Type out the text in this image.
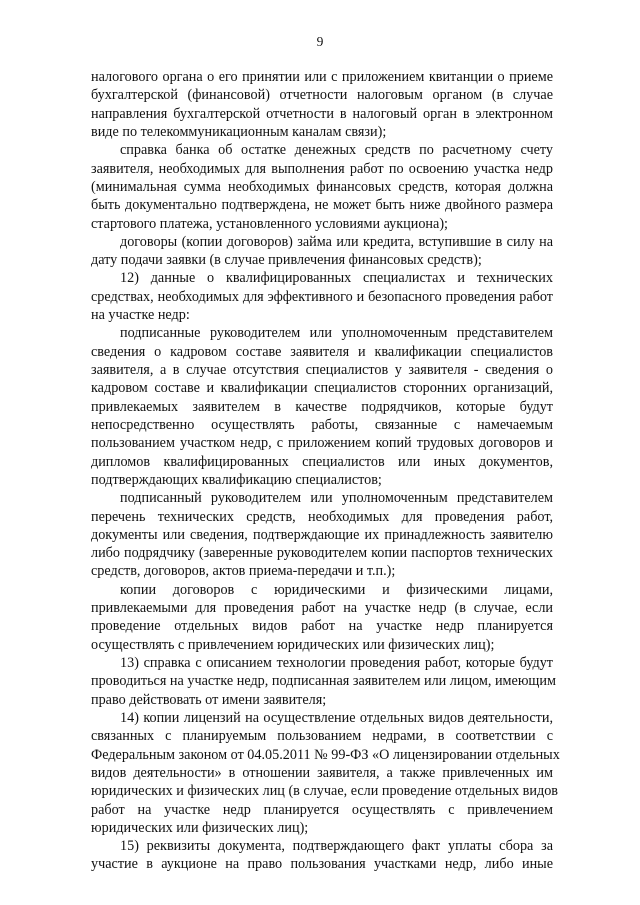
9
налогового органа о его принятии или с приложением квитанции о приеме
бухгалтерской (финансовой) отчетности налоговым органом (в случае
направления бухгалтерской отчетности в налоговый орган в электронном
виде по телекоммуникационным каналам связи);
справка банка об остатке денежных средств по расчетному счету
заявителя, необходимых для выполнения работ по освоению участка недр
(минимальная сумма необходимых финансовых средств, которая должна
быть документально подтверждена, не может быть ниже двойного размера
стартового платежа, установленного условиями аукциона);
договоры (копии договоров) займа или кредита, вступившие в силу на
дату подачи заявки (в случае привлечения финансовых средств);
12) данные о квалифицированных специалистах и технических
средствах, необходимых для эффективного и безопасного проведения работ
на участке недр:
подписанные руководителем или уполномоченным представителем
сведения о кадровом составе заявителя и квалификации специалистов
заявителя, а в случае отсутствия специалистов у заявителя - сведения о
кадровом составе и квалификации специалистов сторонних организаций,
привлекаемых заявителем в качестве подрядчиков, которые будут
непосредственно осуществлять работы, связанные с намечаемым
пользованием участком недр, с приложением копий трудовых договоров и
дипломов квалифицированных специалистов или иных документов,
подтверждающих квалификацию специалистов;
подписанный руководителем или уполномоченным представителем
перечень технических средств, необходимых для проведения работ,
документы или сведения, подтверждающие их принадлежность заявителю
либо подрядчику (заверенные руководителем копии паспортов технических
средств, договоров, актов приема-передачи и т.п.);
копии договоров с юридическими и физическими лицами,
привлекаемыми для проведения работ на участке недр (в случае, если
проведение отдельных видов работ на участке недр планируется
осуществлять с привлечением юридических или физических лиц);
13) справка с описанием технологии проведения работ, которые будут
проводиться на участке недр, подписанная заявителем или лицом, имеющим
право действовать от имени заявителя;
14) копии лицензий на осуществление отдельных видов деятельности,
связанных с планируемым пользованием недрами, в соответствии с
Федеральным законом от 04.05.2011 № 99-ФЗ «О лицензировании отдельных
видов деятельности» в отношении заявителя, а также привлеченных им
юридических и физических лиц (в случае, если проведение отдельных видов
работ на участке недр планируется осуществлять с привлечением
юридических или физических лиц);
15) реквизиты документа, подтверждающего факт уплаты сбора за
участие в аукционе на право пользования участками недр, либо иные
